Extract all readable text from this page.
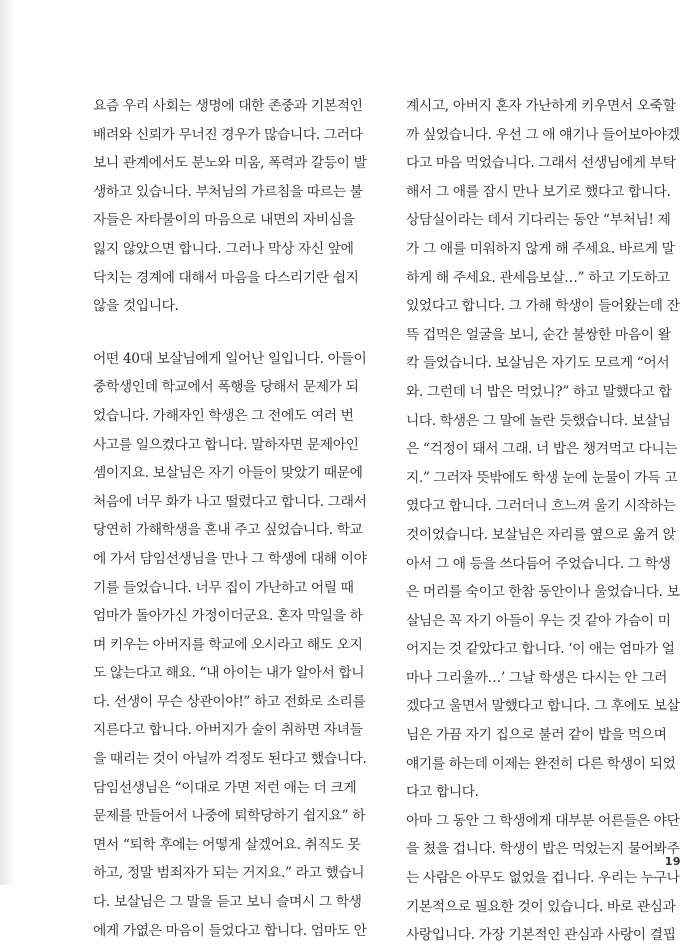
요즘 우리 사회는 생명에 대한 존중과 기본적인
배려와 신뢰가 무너진 경우가 많습니다. 그러다
보니 관계에서도 분노와 미움, 폭력과 갈등이 발
생하고 있습니다. 부처님의 가르침을 따르는 불
자들은 자타불이의 마음으로 내면의 자비심을
잃지 않았으면 합니다. 그러나 막상 자신 앞에
닥치는 경계에 대해서 마음을 다스리기란 쉽지
않을 것입니다.
어떤 40대 보살님에게 일어난 일입니다. 아들이
중학생인데 학교에서 폭행을 당해서 문제가 되
었습니다. 가해자인 학생은 그 전에도 여러 번
사고를 일으켰다고 합니다. 말하자면 문제아인
셈이지요. 보살님은 자기 아들이 맞았기 때문에
처음에 너무 화가 나고 떨렸다고 합니다. 그래서
당연히 가해학생을 혼내 주고 싶었습니다. 학교
에 가서 담임선생님을 만나 그 학생에 대해 이야
기를 들었습니다. 너무 집이 가난하고 어릴 때
엄마가 돌아가신 가정이더군요. 혼자 막일을 하
며 키우는 아버지를 학교에 오시라고 해도 오지
도 않는다고 해요. “내 아이는 내가 알아서 합니
다. 선생이 무슨 상관이야!” 하고 전화로 소리를
지른다고 합니다. 아버지가 술이 취하면 자녀들
을 때리는 것이 아닐까 걱정도 된다고 했습니다.
담임선생님은 “이대로 가면 저런 애는 더 크게
문제를 만들어서 나중에 퇴학당하기 쉽지요” 하
면서 “퇴학 후에는 어떻게 살겠어요. 취직도 못
하고, 정말 범죄자가 되는 거지요.” 라고 했습니
다. 보살님은 그 말을 듣고 보니 슬며시 그 학생
에게 가엾은 마음이 들었다고 합니다. 엄마도 안
계시고, 아버지 혼자 가난하게 키우면서 오죽할
까 싶었습니다. 우선 그 애 얘기나 들어보아야겠
다고 마음 먹었습니다. 그래서 선생님에게 부탁
해서 그 애를 잠시 만나 보기로 했다고 합니다.
상담실이라는 데서 기다리는 동안 “부처님! 제
가 그 애를 미워하지 않게 해 주세요. 바르게 말
하게 해 주세요. 관세음보살…” 하고 기도하고
있었다고 합니다. 그 가해 학생이 들어왔는데 잔
뜩 겁먹은 얼굴을 보니, 순간 불쌍한 마음이 왈
칵 들었습니다. 보살님은 자기도 모르게 “어서
와. 그런데 너 밥은 먹었니?” 하고 말했다고 합
니다. 학생은 그 말에 놀란 듯했습니다. 보살님
은 “걱정이 돼서 그래. 너 밥은 챙겨먹고 다니는
지.” 그러자 뜻밖에도 학생 눈에 눈물이 가득 고
였다고 합니다. 그러더니 흐느껴 울기 시작하는
것이었습니다. 보살님은 자리를 옆으로 옮겨 앉
아서 그 애 등을 쓰다듬어 주었습니다. 그 학생
은 머리를 숙이고 한참 동안이나 울었습니다. 보
살님은 꼭 자기 아들이 우는 것 같아 가슴이 미
어지는 것 같았다고 합니다. ‘이 애는 엄마가 얼
마나 그리울까…’ 그날 학생은 다시는 안 그러
겠다고 울면서 말했다고 합니다. 그 후에도 보살
님은 가끔 자기 집으로 불러 같이 밥을 먹으며
얘기를 하는데 이제는 완전히 다른 학생이 되었
다고 합니다.
아마 그 동안 그 학생에게 대부분 어른들은 야단
을 쳤을 겁니다. 학생이 밥은 먹었는지 물어봐주
는 사람은 아무도 없었을 겁니다. 우리는 누구나
기본적으로 필요한 것이 있습니다. 바로 관심과
사랑입니다. 가장 기본적인 관심과 사랑이 결핍
19
